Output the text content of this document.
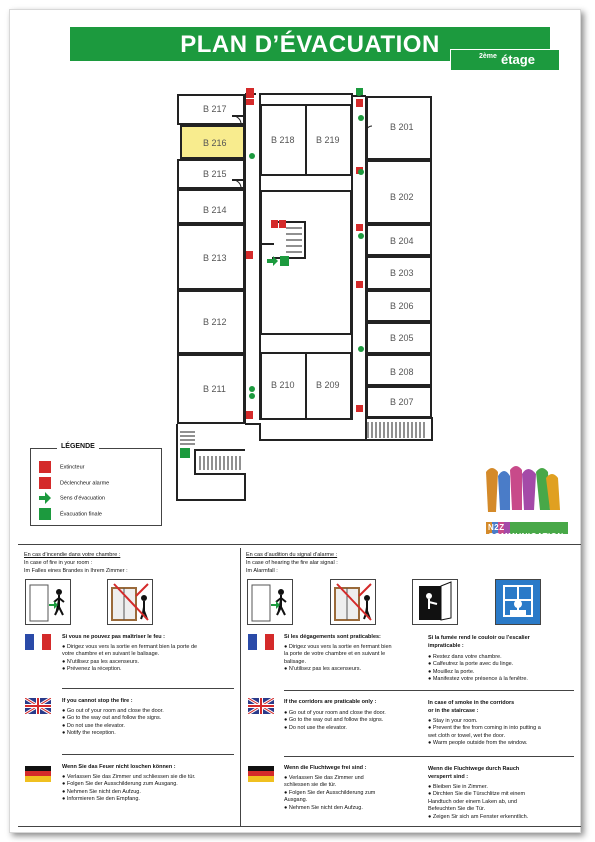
PLAN D’ÉVACUATION	2ème étage
B 217
B 216
B 215
B 214
B 213
B 212
B 211
B 218 B 219
B 210 B 209
B 201
B 202
B 204
B 203
B 206
B 205
B 208
B 207
LÉGENDE
Extincteur
Déclencheur alarme
Sens d’évacuation
Évacuation finale
N2Z COMMUNICATION
En cas d’incendie dans votre chambre :
In case of fire in your room :
Im Falles eines Brandes in Ihrem Zimmer :
Si vous ne pouvez pas maîtriser le feu :
● Dirigez vous vers la sortie en fermant bien la porte de
votre chambre et en suivant le balisage.
● N’utilisez pas les ascenseurs.
● Prévenez la réception.
If you cannot stop the fire :
● Go out of your room and close the door.
● Go to the way out and follow the signs.
● Do not use the elevator.
● Notify the reception.
Wenn Sie das Feuer nicht loschen können :
● Verlassen Sie das Zimmer und schliessen sie die tür.
● Folgen Sie der Ausschilderung zum Ausgang.
● Nehmen Sie nicht den Aufzug.
● Informieren Sie den Empfang.
En cas d’audition du signal d’alarme :
In case of hearing the fire alar signal :
Im Alarmfall :
Si les dégagements sont praticables:
● Dirigez vous vers la sortie en fermant bien
la porte de votre chambre et en suivant le
balisage.
● N’utilisez pas les ascenseurs.
Si la fumée rend le couloir ou l’escalier
impraticable :
● Restez dans votre chambre.
● Calfeutrez la porte avec du linge.
● Mouillez la porte.
● Manifestez votre présence à la fenêtre.
If the corridors are praticable only :
● Go out of your room and close the door.
● Go to the way out and follow the signs.
● Do not use the elevator.
In case of smoke in the corridors
or in the staircase :
● Stay in your room.
● Prevent the fire from coming in into putting a
wet cloth or towel, wet the door.
● Warm people outside from the window.
Wenn die Fluchtwege frei sind :
● Verlassen Sie das Zimmer und
schliessen sie die tür.
● Folgen Sie der Ausschilderung zum
Ausgang.
● Nehmen Sie nicht den Aufzug.
Wenn die Fluchtwege durch Rauch
versperrt sind :
● Bleiben Sie in Zimmer.
● Dirchten Sie die Türschlitze mit einem
Handtuch oder einem Laken ab, und
Befeuchten Sie die Tür.
● Zeigen Sir sich am Fenster erkenntlich.
